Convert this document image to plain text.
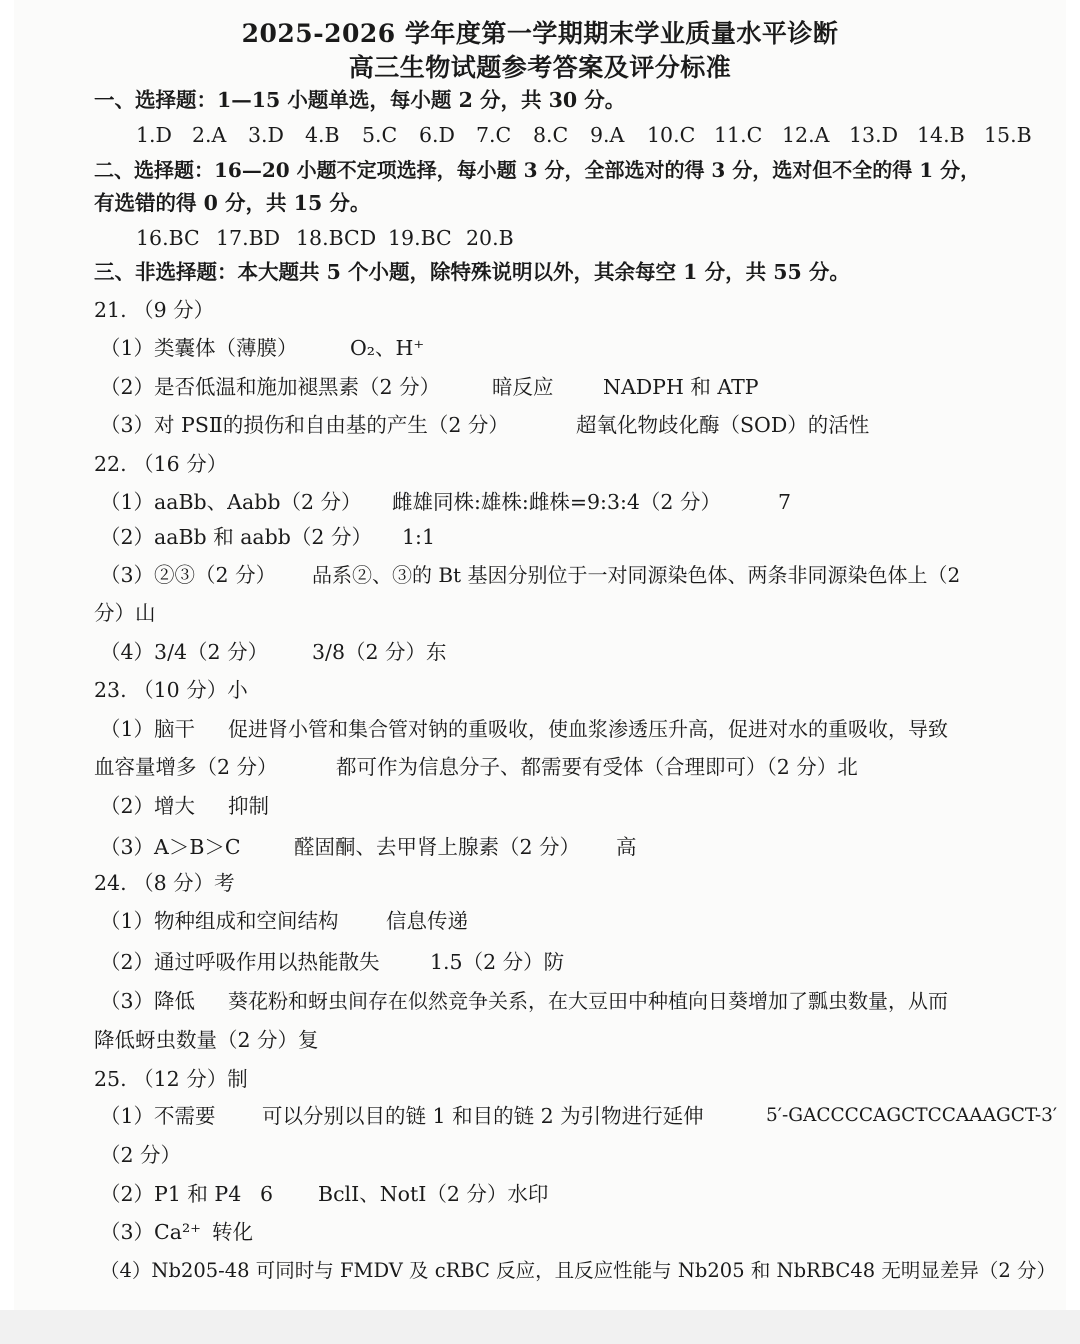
2025-2026 学年度第一学期期末学业质量水平诊断
高三生物试题参考答案及评分标准
一、选择题：1—15 小题单选，每小题 2 分，共 30 分。
1.D 2.A 3.D 4.B 5.C 6.D 7.C 8.C 9.A 10.C 11.C 12.A 13.D 14.B 15.B
二、选择题：16—20 小题不定项选择，每小题 3 分，全部选对的得 3 分，选对但不全的得 1 分，
有选错的得 0 分，共 15 分。
16.BC 17.BD 18.BCD 19.BC 20.B
三、非选择题：本大题共 5 个小题，除特殊说明以外，其余每空 1 分，共 55 分。
21. （9 分）
（1）类囊体（薄膜）	O₂、H⁺
（2）是否低温和施加褪黑素（2 分）	暗反应 NADPH 和 ATP
（3）对 PSⅡ的损伤和自由基的产生（2 分）	超氧化物歧化酶（SOD）的活性
22. （16 分）
（1）aaBb、Aabb（2 分） 雌雄同株:雄株:雌株=9:3:4（2 分）	7
（2）aaBb 和 aabb（2 分） 1:1
（3）②③（2 分） 品系②、③的 Bt 基因分别位于一对同源染色体、两条非同源染色体上（2
分）山
（4）3/4（2 分） 3/8（2 分）东
23. （10 分）小
（1）脑干 促进肾小管和集合管对钠的重吸收，使血浆渗透压升高，促进对水的重吸收，导致
血容量增多（2 分）	都可作为信息分子、都需要有受体（合理即可）（2 分）北
（2）增大 抑制
（3）A＞B＞C	醛固酮、去甲肾上腺素（2 分） 高
24. （8 分）考
（1）物种组成和空间结构 信息传递
（2）通过呼吸作用以热能散失 1.5（2 分）防
（3）降低 葵花粉和蚜虫间存在似然竞争关系，在大豆田中种植向日葵增加了瓢虫数量，从而
降低蚜虫数量（2 分）复
25. （12 分）制
（1）不需要 可以分别以目的链 1 和目的链 2 为引物进行延伸	5′-GACCCCAGCTCCAAAGCT-3′
（2 分）
（2）P1 和 P4 6 BclⅠ、NotⅠ（2 分）水印
（3）Ca²⁺ 转化
（4）Nb205-48 可同时与 FMDV 及 cRBC 反应，且反应性能与 Nb205 和 NbRBC48 无明显差异（2 分）
